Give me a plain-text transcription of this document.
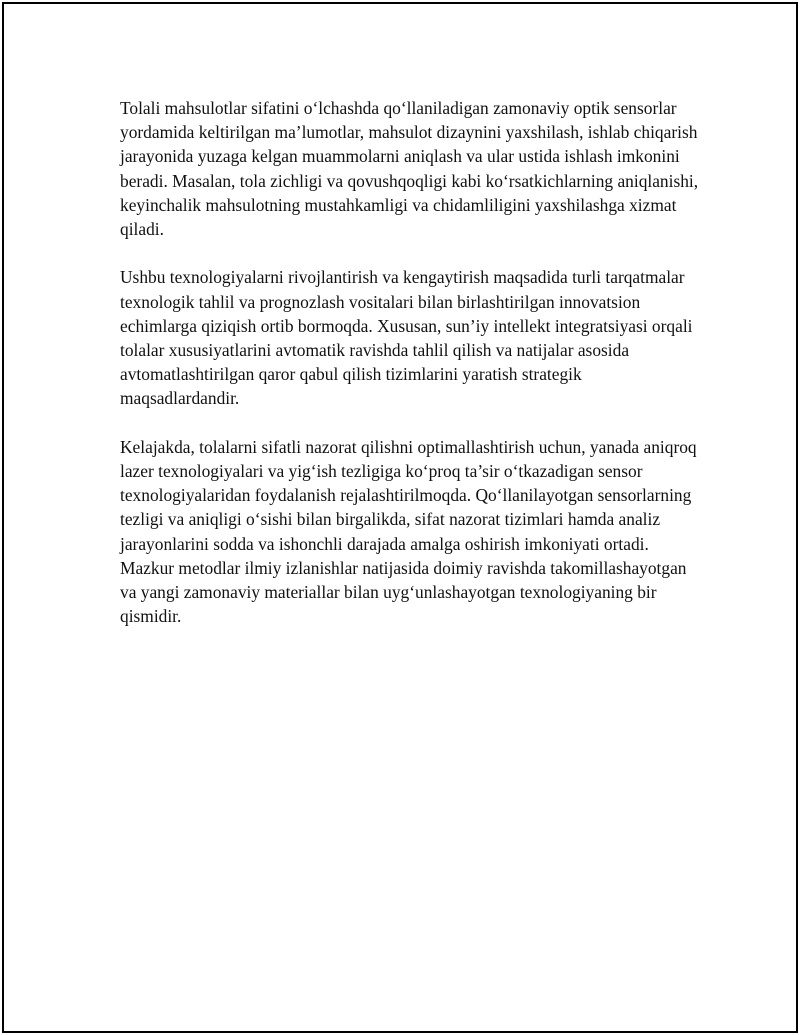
Tolali mahsulotlar sifatini o‘lchashda qo‘llaniladigan zamonaviy optik sensorlar yordamida keltirilgan ma’lumotlar, mahsulot dizaynini yaxshilash, ishlab chiqarish jarayonida yuzaga kelgan muammolarni aniqlash va ular ustida ishlash imkonini beradi. Masalan, tola zichligi va qovushqoqligi kabi ko‘rsatkichlarning aniqlanishi, keyinchalik mahsulotning mustahkamligi va chidamliligini yaxshilashga xizmat qiladi.

Ushbu texnologiyalarni rivojlantirish va kengaytirish maqsadida turli tarqatmalar texnologik tahlil va prognozlash vositalari bilan birlashtirilgan innovatsion echimlarga qiziqish ortib bormoqda. Xususan, sun’iy intellekt integratsiyasi orqali tolalar xususiyatlarini avtomatik ravishda tahlil qilish va natijalar asosida avtomatlashtirilgan qaror qabul qilish tizimlarini yaratish strategik maqsadlardandir.

Kelajakda, tolalarni sifatli nazorat qilishni optimallashtirish uchun, yanada aniqroq lazer texnologiyalari va yig‘ish tezligiga ko‘proq ta’sir o‘tkazadigan sensor texnologiyalaridan foydalanish rejalashtirilmoqda. Qo‘llanilayotgan sensorlarning tezligi va aniqligi o‘sishi bilan birgalikda, sifat nazorat tizimlari hamda analiz jarayonlarini sodda va ishonchli darajada amalga oshirish imkoniyati ortadi. Mazkur metodlar ilmiy izlanishlar natijasida doimiy ravishda takomillashayotgan va yangi zamonaviy materiallar bilan uyg‘unlashayotgan texnologiyaning bir qismidir.
